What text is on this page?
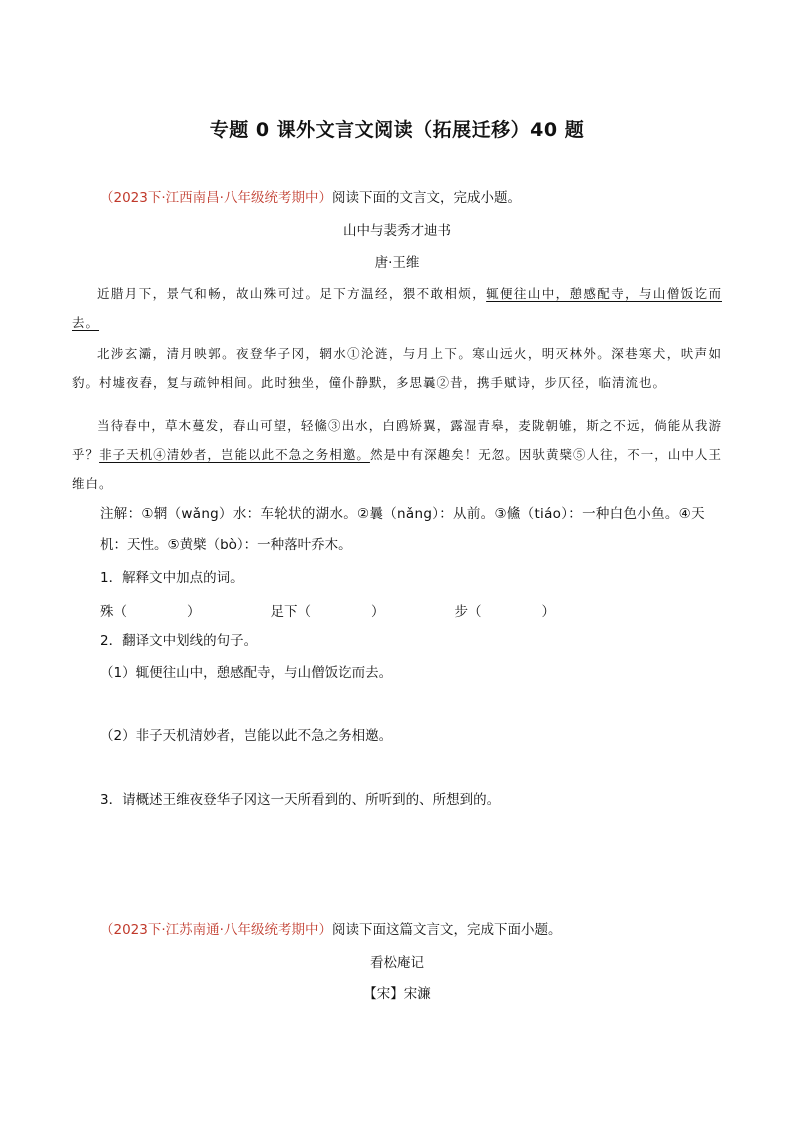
专题 0 课外文言文阅读（拓展迁移）40 题
（2023下·江西南昌·八年级统考期中）阅读下面的文言文，完成小题。
山中与裴秀才迪书
唐·王维
近腊月下，景气和畅，故山殊可过。足下方温经，猥不敢相烦，辄便往山中，憩感配寺，与山僧饭讫而去。
北涉玄灞，清月映郭。夜登华子冈，辋水①沦涟，与月上下。寒山远火，明灭林外。深巷寒犬，吠声如豹。村墟夜舂，复与疏钟相间。此时独坐，僮仆静默，多思曩②昔，携手赋诗，步仄径，临清流也。
当待春中，草木蔓发，春山可望，轻鯈③出水，白鸥矫翼，露湿青皋，麦陇朝雊，斯之不远，倘能从我游乎？非子天机④清妙者，岂能以此不急之务相邀。然是中有深趣矣！无忽。因驮黄檗⑤人往，不一，山中人王维白。
注解：①辋（wǎng）水：车轮状的湖水。②曩（nǎng）：从前。③鯈（tiáo）：一种白色小鱼。④天
机：天性。⑤黄檗（bò）：一种落叶乔木。
1．解释文中加点的词。
殊（	）	足下（	）	步（	）
2．翻译文中划线的句子。
（1）辄便往山中，憩感配寺，与山僧饭讫而去。
（2）非子天机清妙者，岂能以此不急之务相邀。
3．请概述王维夜登华子冈这一天所看到的、所听到的、所想到的。
（2023下·江苏南通·八年级统考期中）阅读下面这篇文言文，完成下面小题。
看松庵记
【宋】宋濂
